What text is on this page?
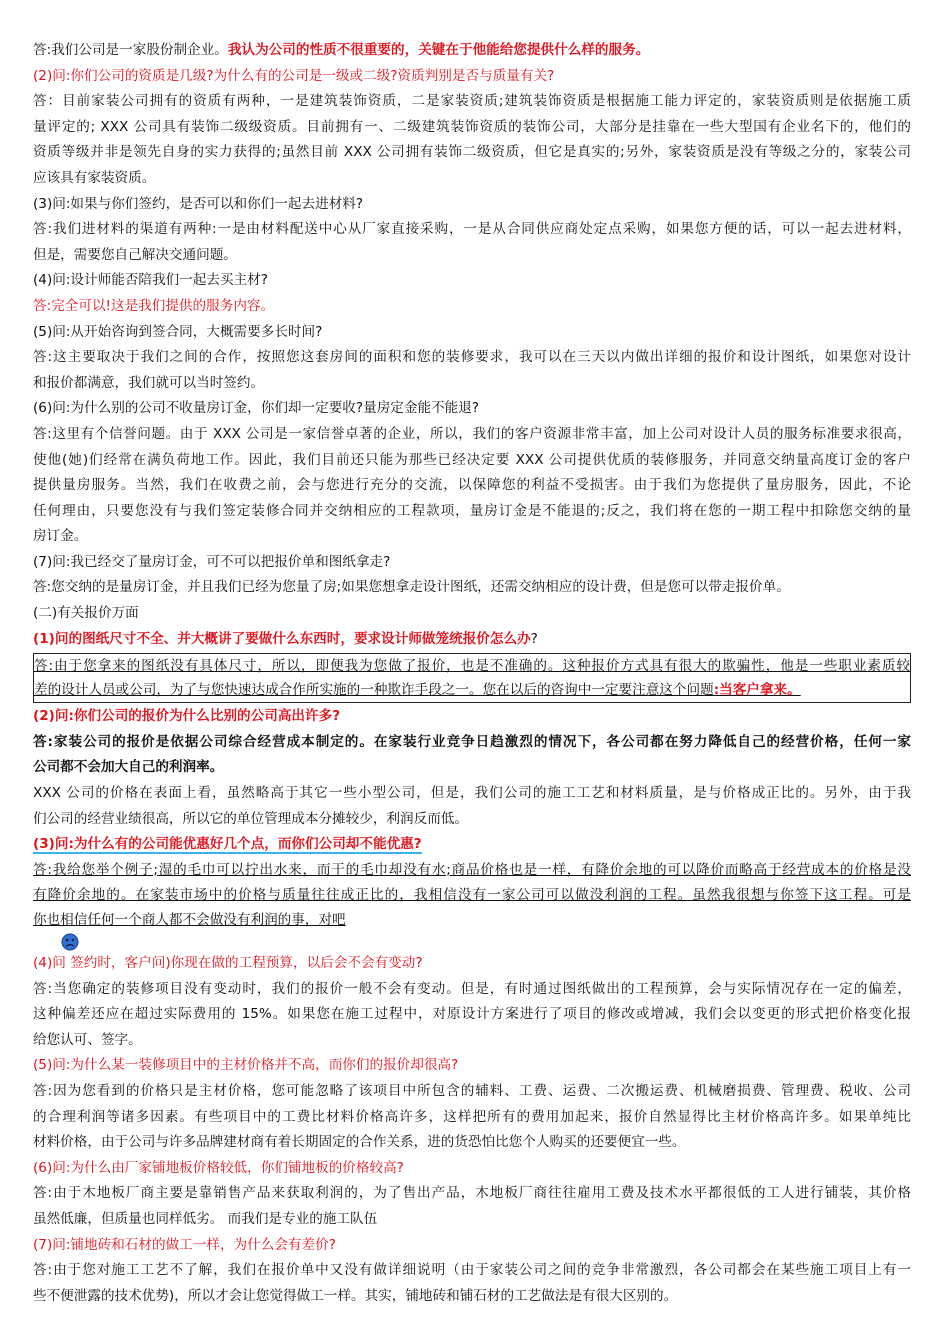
答:我们公司是一家股份制企业。我认为公司的性质不很重要的，关键在于他能给您提供什么样的服务。

(2)问:你们公司的资质是几级?为什么有的公司是一级或二级?资质判别是否与质量有关?

答：目前家装公司拥有的资质有两种，一是建筑装饰资质，二是家装资质;建筑装饰资质是根据施工能力评定的，家装资质则是依据施工质

量评定的; XXX 公司具有装饰二级级资质。目前拥有一、二级建筑装饰资质的装饰公司，大部分是挂靠在一些大型国有企业名下的，他们的

资质等级并非是领先自身的实力获得的;虽然目前 XXX 公司拥有装饰二级资质，但它是真实的;另外，家装资质是没有等级之分的，家装公司

应该具有家装资质。

(3)问:如果与你们签约，是否可以和你们一起去进材料?

答:我们进材料的渠道有两种:一是由材料配送中心从厂家直接采购，一是从合同供应商处定点采购，如果您方便的话，可以一起去进材料，

但是，需要您自己解决交通问题。

(4)问:设计师能否陪我们一起去买主材?

答:完全可以!这是我们提供的服务内容。

(5)问:从开始咨询到签合同，大概需要多长时间?

答:这主要取决于我们之间的合作，按照您这套房间的面积和您的装修要求，我可以在三天以内做出详细的报价和设计图纸，如果您对设计

和报价都满意，我们就可以当时签约。

(6)问:为什么别的公司不收量房订金，你们却一定要收?量房定金能不能退?

答:这里有个信誉问题。由于 XXX 公司是一家信誉卓著的企业，所以，我们的客户资源非常丰富，加上公司对设计人员的服务标准要求很高，

使他(她)们经常在满负荷地工作。因此，我们目前还只能为那些已经决定要 XXX 公司提供优质的装修服务，并同意交纳量高度订金的客户

提供量房服务。当然，我们在收费之前，会与您进行充分的交流，以保障您的利益不受损害。由于我们为您提供了量房服务，因此，不论

任何理由，只要您没有与我们签定装修合同并交纳相应的工程款项，量房订金是不能退的;反之，我们将在您的一期工程中扣除您交纳的量

房订金。

(7)问:我已经交了量房订金，可不可以把报价单和图纸拿走?

答:您交纳的是量房订金，并且我们已经为您量了房;如果您想拿走设计图纸，还需交纳相应的设计费，但是您可以带走报价单。

(二)有关报价万面

(1)问的图纸尺寸不全、并大概讲了要做什么东西时，要求设计师做笼统报价怎么办?

答:由于您拿来的图纸没有具体尺寸，所以，即便我为您做了报价，也是不准确的。这种报价方式具有很大的欺骗性，他是一些职业素质较

差的设计人员或公司，为了与您快速达成合作所实施的一种欺诈手段之一。您在以后的咨询中一定要注意这个问题:当客户拿来。

(2)问:你们公司的报价为什么比别的公司高出许多?

答:家装公司的报价是依据公司综合经营成本制定的。在家装行业竞争日趋激烈的情况下，各公司都在努力降低自己的经营价格，任何一家

公司都不会加大自己的利润率。

XXX 公司的价格在表面上看，虽然略高于其它一些小型公司，但是，我们公司的施工工艺和材料质量，是与价格成正比的。另外，由于我

们公司的经营业绩很高，所以它的单位管理成本分摊较少，利润反而低。

(3)问:为什么有的公司能优惠好几个点，而你们公司却不能优惠?

答:我给您举个例子;湿的毛巾可以拧出水来，而干的毛巾却没有水;商品价格也是一样，有降价余地的可以降价而略高于经营成本的价格是没

有降价余地的。在家装市场中的价格与质量往往成正比的，我相信没有一家公司可以做没利润的工程。虽然我很想与你签下这工程。可是

你也相信任何一个商人都不会做没有利润的事，对吧

(4)问 签约时，客户问)你现在做的工程预算，以后会不会有变动?

答:当您确定的装修项目没有变动时，我们的报价一般不会有变动。但是，有时通过图纸做出的工程预算，会与实际情况存在一定的偏差，

这种偏差还应在超过实际费用的 15%。如果您在施工过程中，对原设计方案进行了项目的修改或增减，我们会以变更的形式把价格变化报

给您认可、签字。

(5)问:为什么某一装修项目中的主材价格并不高，而你们的报价却很高?

答:因为您看到的价格只是主材价格，您可能忽略了该项目中所包含的辅料、工费、运费、二次搬运费、机械磨损费、管理费、税收、公司

的合理利润等诸多因素。有些项目中的工费比材料价格高许多，这样把所有的费用加起来，报价自然显得比主材价格高许多。如果单纯比

材料价格，由于公司与许多品牌建材商有着长期固定的合作关系，进的货恐怕比您个人购买的还要便宜一些。

(6)问:为什么由厂家铺地板价格较低，你们铺地板的价格较高?

答:由于木地板厂商主要是靠销售产品来获取利润的，为了售出产品，木地板厂商往往雇用工费及技术水平都很低的工人进行铺装，其价格

虽然低廉，但质量也同样低劣。 而我们是专业的施工队伍

(7)问:铺地砖和石材的做工一样，为什么会有差价?

答:由于您对施工工艺不了解，我们在报价单中又没有做详细说明（由于家装公司之间的竞争非常激烈，各公司都会在某些施工项目上有一

些不便泄露的技术优势)，所以才会让您觉得做工一样。其实，铺地砖和铺石材的工艺做法是有很大区别的。
